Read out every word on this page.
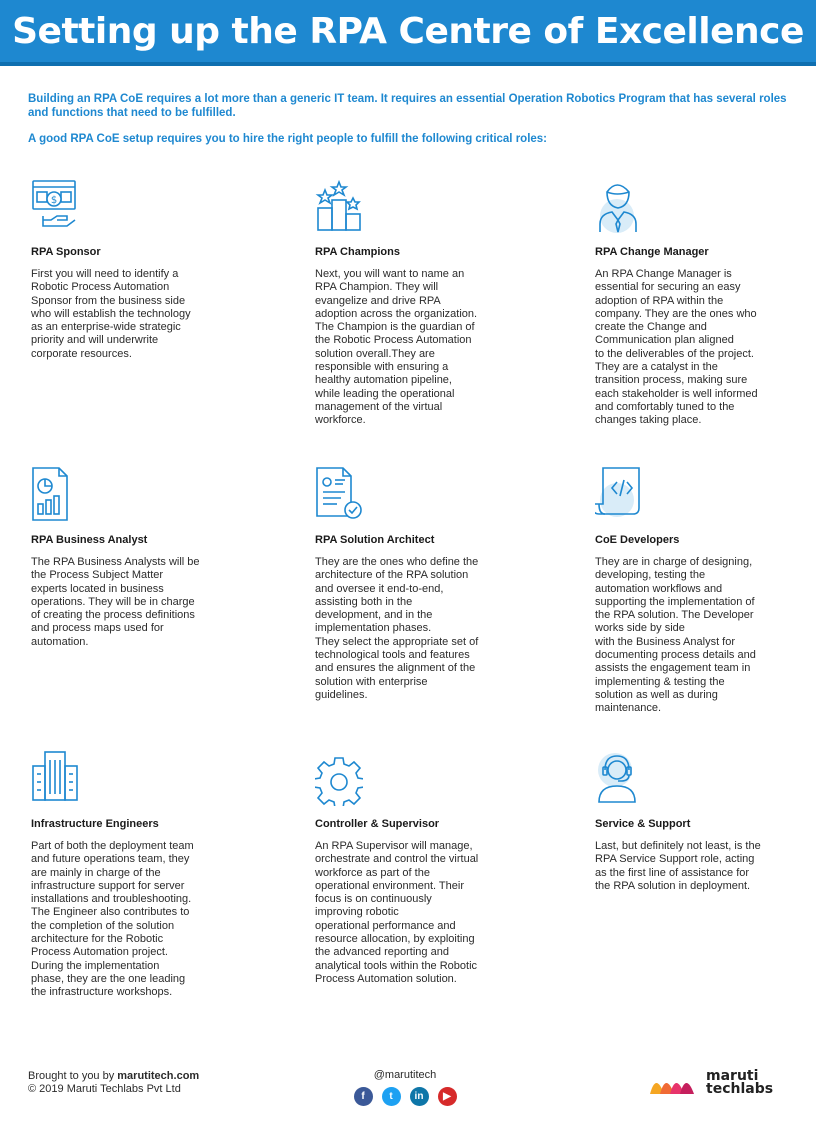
Setting up the RPA Centre of Excellence

Building an RPA CoE requires a lot more than a generic IT team. It requires an essential Operation Robotics Program that has several roles and functions that need to be fulfilled.

A good RPA CoE setup requires you to hire the right people to fulfill the following critical roles:

$
RPA Sponsor

First you will need to identify a
Robotic Process Automation
Sponsor from the business side
who will establish the technology
as an enterprise-wide strategic
priority and will underwrite
corporate resources.

RPA Champions

Next, you will want to name an
RPA Champion. They will
evangelize and drive RPA
adoption across the organization.
The Champion is the guardian of
the Robotic Process Automation
solution overall.They are
responsible with ensuring a
healthy automation pipeline,
while leading the operational
management of the virtual
workforce.

RPA Change Manager

An RPA Change Manager is
essential for securing an easy
adoption of RPA within the
company. They are the ones who
create the Change and
Communication plan aligned
to the deliverables of the project.
They are a catalyst in the
transition process, making sure
each stakeholder is well informed
and comfortably tuned to the
changes taking place.

RPA Business Analyst

The RPA Business Analysts will be
the Process Subject Matter
experts located in business
operations. They will be in charge
of creating the process definitions
and process maps used for
automation.

RPA Solution Architect

They are the ones who define the
architecture of the RPA solution
and oversee it end-to-end,
assisting both in the
development, and in the
implementation phases.
They select the appropriate set of
technological tools and features
and ensures the alignment of the
solution with enterprise
guidelines.

CoE Developers

They are in charge of designing,
developing, testing the
automation workflows and
supporting the implementation of
the RPA solution. The Developer
works side by side
with the Business Analyst for
documenting process details and
assists the engagement team in
implementing & testing the
solution as well as during
maintenance.

Infrastructure Engineers

Part of both the deployment team
and future operations team, they
are mainly in charge of the
infrastructure support for server
installations and troubleshooting.
The Engineer also contributes to
the completion of the solution
architecture for the Robotic
Process Automation project.
During the implementation
phase, they are the one leading
the infrastructure workshops.

Controller & Supervisor

An RPA Supervisor will manage,
orchestrate and control the virtual
workforce as part of the
operational environment. Their
focus is on continuously
improving robotic
operational performance and
resource allocation, by exploiting
the advanced reporting and
analytical tools within the Robotic
Process Automation solution.

Service & Support

Last, but definitely not least, is the
RPA Service Support role, acting
as the first line of assistance for
the RPA solution in deployment.

Brought to you by marutitech.com
© 2019 Maruti Techlabs Pvt Ltd
@marutitech
f	t	in	▶
maruti
techlabs
